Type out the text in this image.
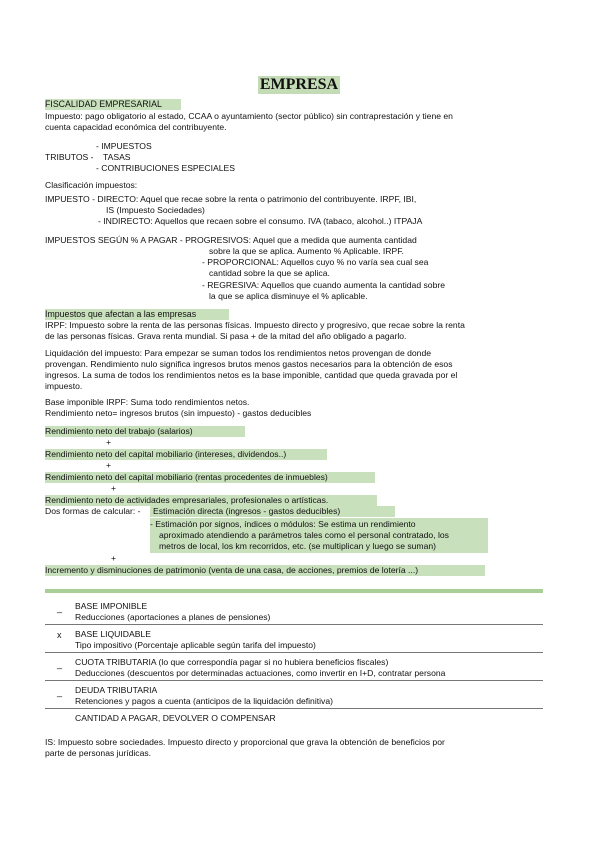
EMPRESA
FISCALIDAD EMPRESARIAL
Impuesto: pago obligatorio al estado, CCAA o ayuntamiento (sector público) sin contraprestación y tiene en
cuenta capacidad económica del contribuyente.
- IMPUESTOS
TRIBUTOS - TASAS
- CONTRIBUCIONES ESPECIALES
Clasificación impuestos:
IMPUESTO - DIRECTO: Aquel que recae sobre la renta o patrimonio del contribuyente. IRPF, IBI,
IS (Impuesto Sociedades)
- INDIRECTO: Aquellos que recaen sobre el consumo. IVA (tabaco, alcohol..) ITPAJA
IMPUESTOS SEGÚN % A PAGAR - PROGRESIVOS: Aquel que a medida que aumenta cantidad
sobre la que se aplica. Aumento % Aplicable. IRPF.
- PROPORCIONAL: Aquellos cuyo % no varía sea cual sea
cantidad sobre la que se aplica.
- REGRESIVA: Aquellos que cuando aumenta la cantidad sobre
la que se aplica disminuye el % aplicable.
Impuestos que afectan a las empresas
IRPF: Impuesto sobre la renta de las personas físicas. Impuesto directo y progresivo, que recae sobre la renta
de las personas físicas. Grava renta mundial. Si pasa + de la mitad del año obligado a pagarlo.
Liquidación del impuesto: Para empezar se suman todos los rendimientos netos provengan de donde
provengan. Rendimiento nulo significa ingresos brutos menos gastos necesarios para la obtención de esos
ingresos. La suma de todos los rendimientos netos es la base imponible, cantidad que queda gravada por el
impuesto.
Base imponible IRPF: Suma todo rendimientos netos.
Rendimiento neto= ingresos brutos (sin impuesto) - gastos deducibles
Rendimiento neto del trabajo (salarios)
+
Rendimiento neto del capital mobiliario (intereses, dividendos..)
+
Rendimiento neto del capital mobiliario (rentas procedentes de inmuebles)
+
Rendimiento neto de actividades empresariales, profesionales o artísticas.
Dos formas de calcular: - Estimación directa (ingresos - gastos deducibles)
- Estimación por signos, índices o módulos: Se estima un rendimiento
aproximado atendiendo a parámetros tales como el personal contratado, los
metros de local, los km recorridos, etc. (se multiplican y luego se suman)
+
Incremento y disminuciones de patrimonio (venta de una casa, de acciones, premios de lotería ...)
_ BASE IMPONIBLE
Reducciones (aportaciones a planes de pensiones)
x BASE LIQUIDABLE
Tipo impositivo (Porcentaje aplicable según tarifa del impuesto)
_ CUOTA TRIBUTARIA (lo que correspondía pagar si no hubiera beneficios fiscales)
Deducciones (descuentos por determinadas actuaciones, como invertir en I+D, contratar persona
_ DEUDA TRIBUTARIA
Retenciones y pagos a cuenta (anticipos de la liquidación definitiva)
CANTIDAD A PAGAR, DEVOLVER O COMPENSAR
IS: Impuesto sobre sociedades. Impuesto directo y proporcional que grava la obtención de beneficios por
parte de personas jurídicas.
